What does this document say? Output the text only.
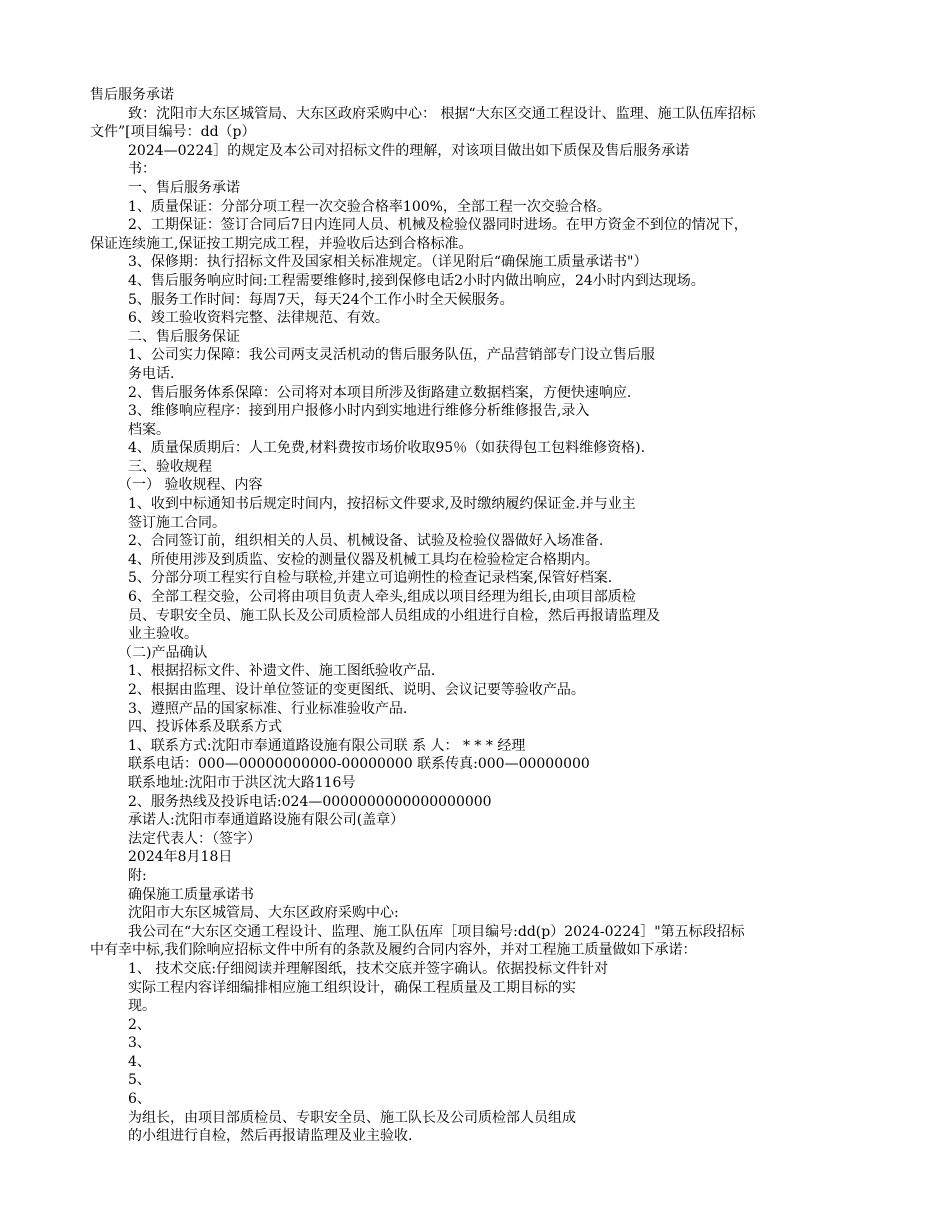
售后服务承诺
致：沈阳市大东区城管局、大东区政府采购中心： 根据“大东区交通工程设计、监理、施工队伍库招标
文件”[项目编号：dd（p）
2024—0224］的规定及本公司对招标文件的理解，对该项目做出如下质保及售后服务承诺
书：
一、售后服务承诺
1、质量保证：分部分项工程一次交验合格率100%，全部工程一次交验合格。
2、工期保证：签订合同后7日内连同人员、机械及检验仪器同时进场。在甲方资金不到位的情况下，
保证连续施工,保证按工期完成工程，并验收后达到合格标准。
3、保修期：执行招标文件及国家相关标准规定。（详见附后“确保施工质量承诺书"）
4、售后服务响应时间:工程需要维修时,接到保修电话2小时内做出响应，24小时内到达现场。
5、服务工作时间：每周7天，每天24个工作小时全天候服务。
6、竣工验收资料完整、法律规范、有效。
二、售后服务保证
1、公司实力保障：我公司两支灵活机动的售后服务队伍，产品营销部专门设立售后服
务电话.
2、售后服务体系保障：公司将对本项目所涉及街路建立数据档案，方便快速响应.
3、维修响应程序：接到用户报修小时内到实地进行维修分析维修报告,录入
档案。
4、质量保质期后：人工免费,材料费按市场价收取95％（如获得包工包料维修资格).
三、验收规程
（一） 验收规程、内容
1、收到中标通知书后规定时间内，按招标文件要求,及时缴纳履约保证金.并与业主
签订施工合同。
2、合同签订前，组织相关的人员、机械设备、试验及检验仪器做好入场准备.
4、所使用涉及到质监、安检的测量仪器及机械工具均在检验检定合格期内。
5、分部分项工程实行自检与联检,并建立可追朔性的检查记录档案,保管好档案.
6、全部工程交验，公司将由项目负责人牵头,组成以项目经理为组长,由项目部质检
员、专职安全员、施工队长及公司质检部人员组成的小组进行自检，然后再报请监理及
业主验收。
（二)产品确认
1、根据招标文件、补遗文件、施工图纸验收产品.
2、根据由监理、设计单位签证的变更图纸、说明、会议记要等验收产品。
3、遵照产品的国家标准、行业标准验收产品.
四、投诉体系及联系方式
1、联系方式:沈阳市奉通道路设施有限公司联 系 人： * * * 经理
联系电话：000—00000000000-00000000 联系传真:000—00000000
联系地址:沈阳市于洪区沈大路116号
2、服务热线及投诉电话:024—0000000000000000000
承诺人:沈阳市奉通道路设施有限公司(盖章）
法定代表人：（签字）
2024年8月18日
附:
确保施工质量承诺书
沈阳市大东区城管局、大东区政府采购中心:
我公司在“大东区交通工程设计、监理、施工队伍库［项目编号:dd(p）2024-0224］"第五标段招标
中有幸中标,我们除响应招标文件中所有的条款及履约合同内容外，并对工程施工质量做如下承诺：
1、 技术交底:仔细阅读并理解图纸，技术交底并签字确认。依据投标文件针对
实际工程内容详细编排相应施工组织设计，确保工程质量及工期目标的实
现。
2、
3、
4、
5、
6、
为组长，由项目部质检员、专职安全员、施工队长及公司质检部人员组成
的小组进行自检，然后再报请监理及业主验收.
